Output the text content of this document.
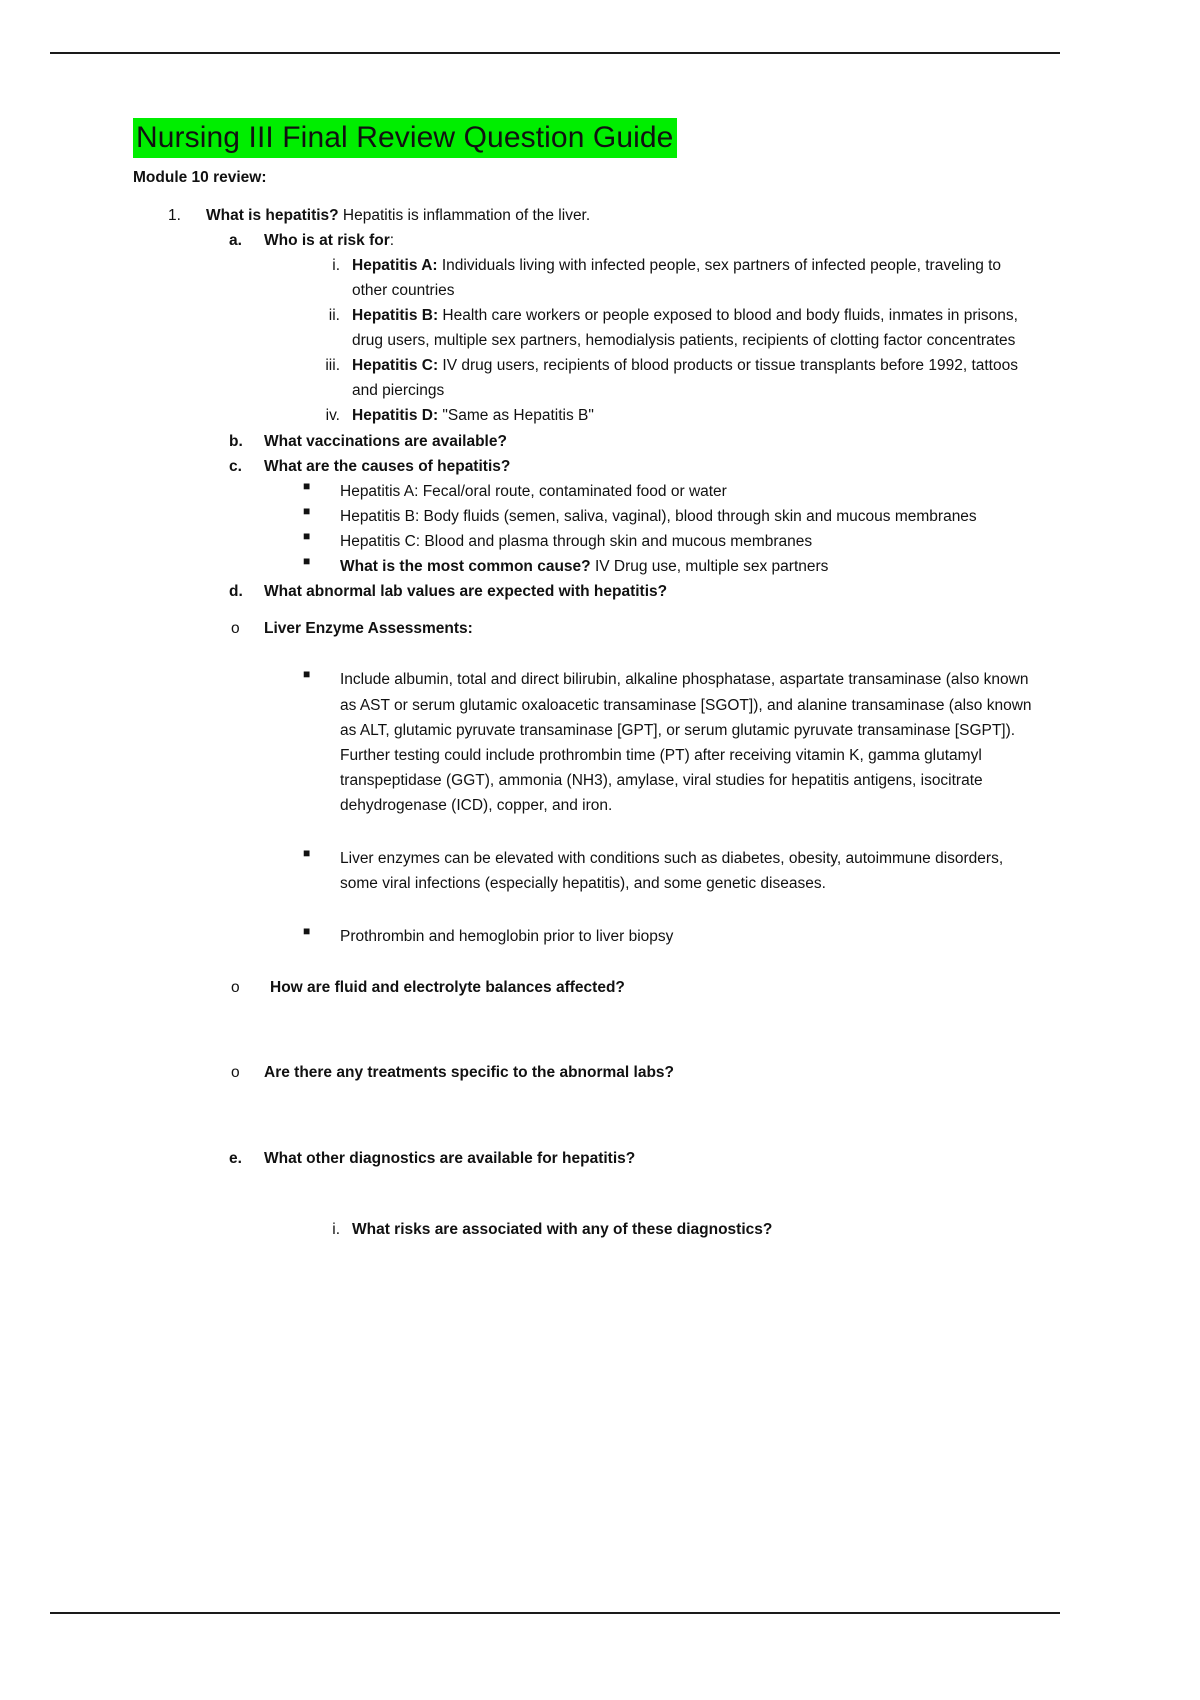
Nursing III Final Review Question Guide
Module 10 review:
1.	What is hepatitis? Hepatitis is inflammation of the liver.
a.	Who is at risk for:
i. Hepatitis A: Individuals living with infected people, sex partners of infected people, traveling to other countries
ii. Hepatitis B: Health care workers or people exposed to blood and body fluids, inmates in prisons, drug users, multiple sex partners, hemodialysis patients, recipients of clotting factor concentrates
iii. Hepatitis C: IV drug users, recipients of blood products or tissue transplants before 1992, tattoos and piercings
iv. Hepatitis D: "Same as Hepatitis B"
b.	What vaccinations are available?
c.	What are the causes of hepatitis?
■	Hepatitis A: Fecal/oral route, contaminated food or water
■	Hepatitis B: Body fluids (semen, saliva, vaginal), blood through skin and mucous membranes
■	Hepatitis C: Blood and plasma through skin and mucous membranes
■	What is the most common cause? IV Drug use, multiple sex partners
d.	What abnormal lab values are expected with hepatitis?
o	Liver Enzyme Assessments:
■	Include albumin, total and direct bilirubin, alkaline phosphatase, aspartate transaminase (also known as AST or serum glutamic oxaloacetic transaminase [SGOT]), and alanine transaminase (also known as ALT, glutamic pyruvate transaminase [GPT], or serum glutamic pyruvate transaminase [SGPT]). Further testing could include prothrombin time (PT) after receiving vitamin K, gamma glutamyl transpeptidase (GGT), ammonia (NH3), amylase, viral studies for hepatitis antigens, isocitrate dehydrogenase (ICD), copper, and iron.
■	Liver enzymes can be elevated with conditions such as diabetes, obesity, autoimmune disorders, some viral infections (especially hepatitis), and some genetic diseases.
■	Prothrombin and hemoglobin prior to liver biopsy
o	How are fluid and electrolyte balances affected?
o	Are there any treatments specific to the abnormal labs?
e.	What other diagnostics are available for hepatitis?
i. What risks are associated with any of these diagnostics?
